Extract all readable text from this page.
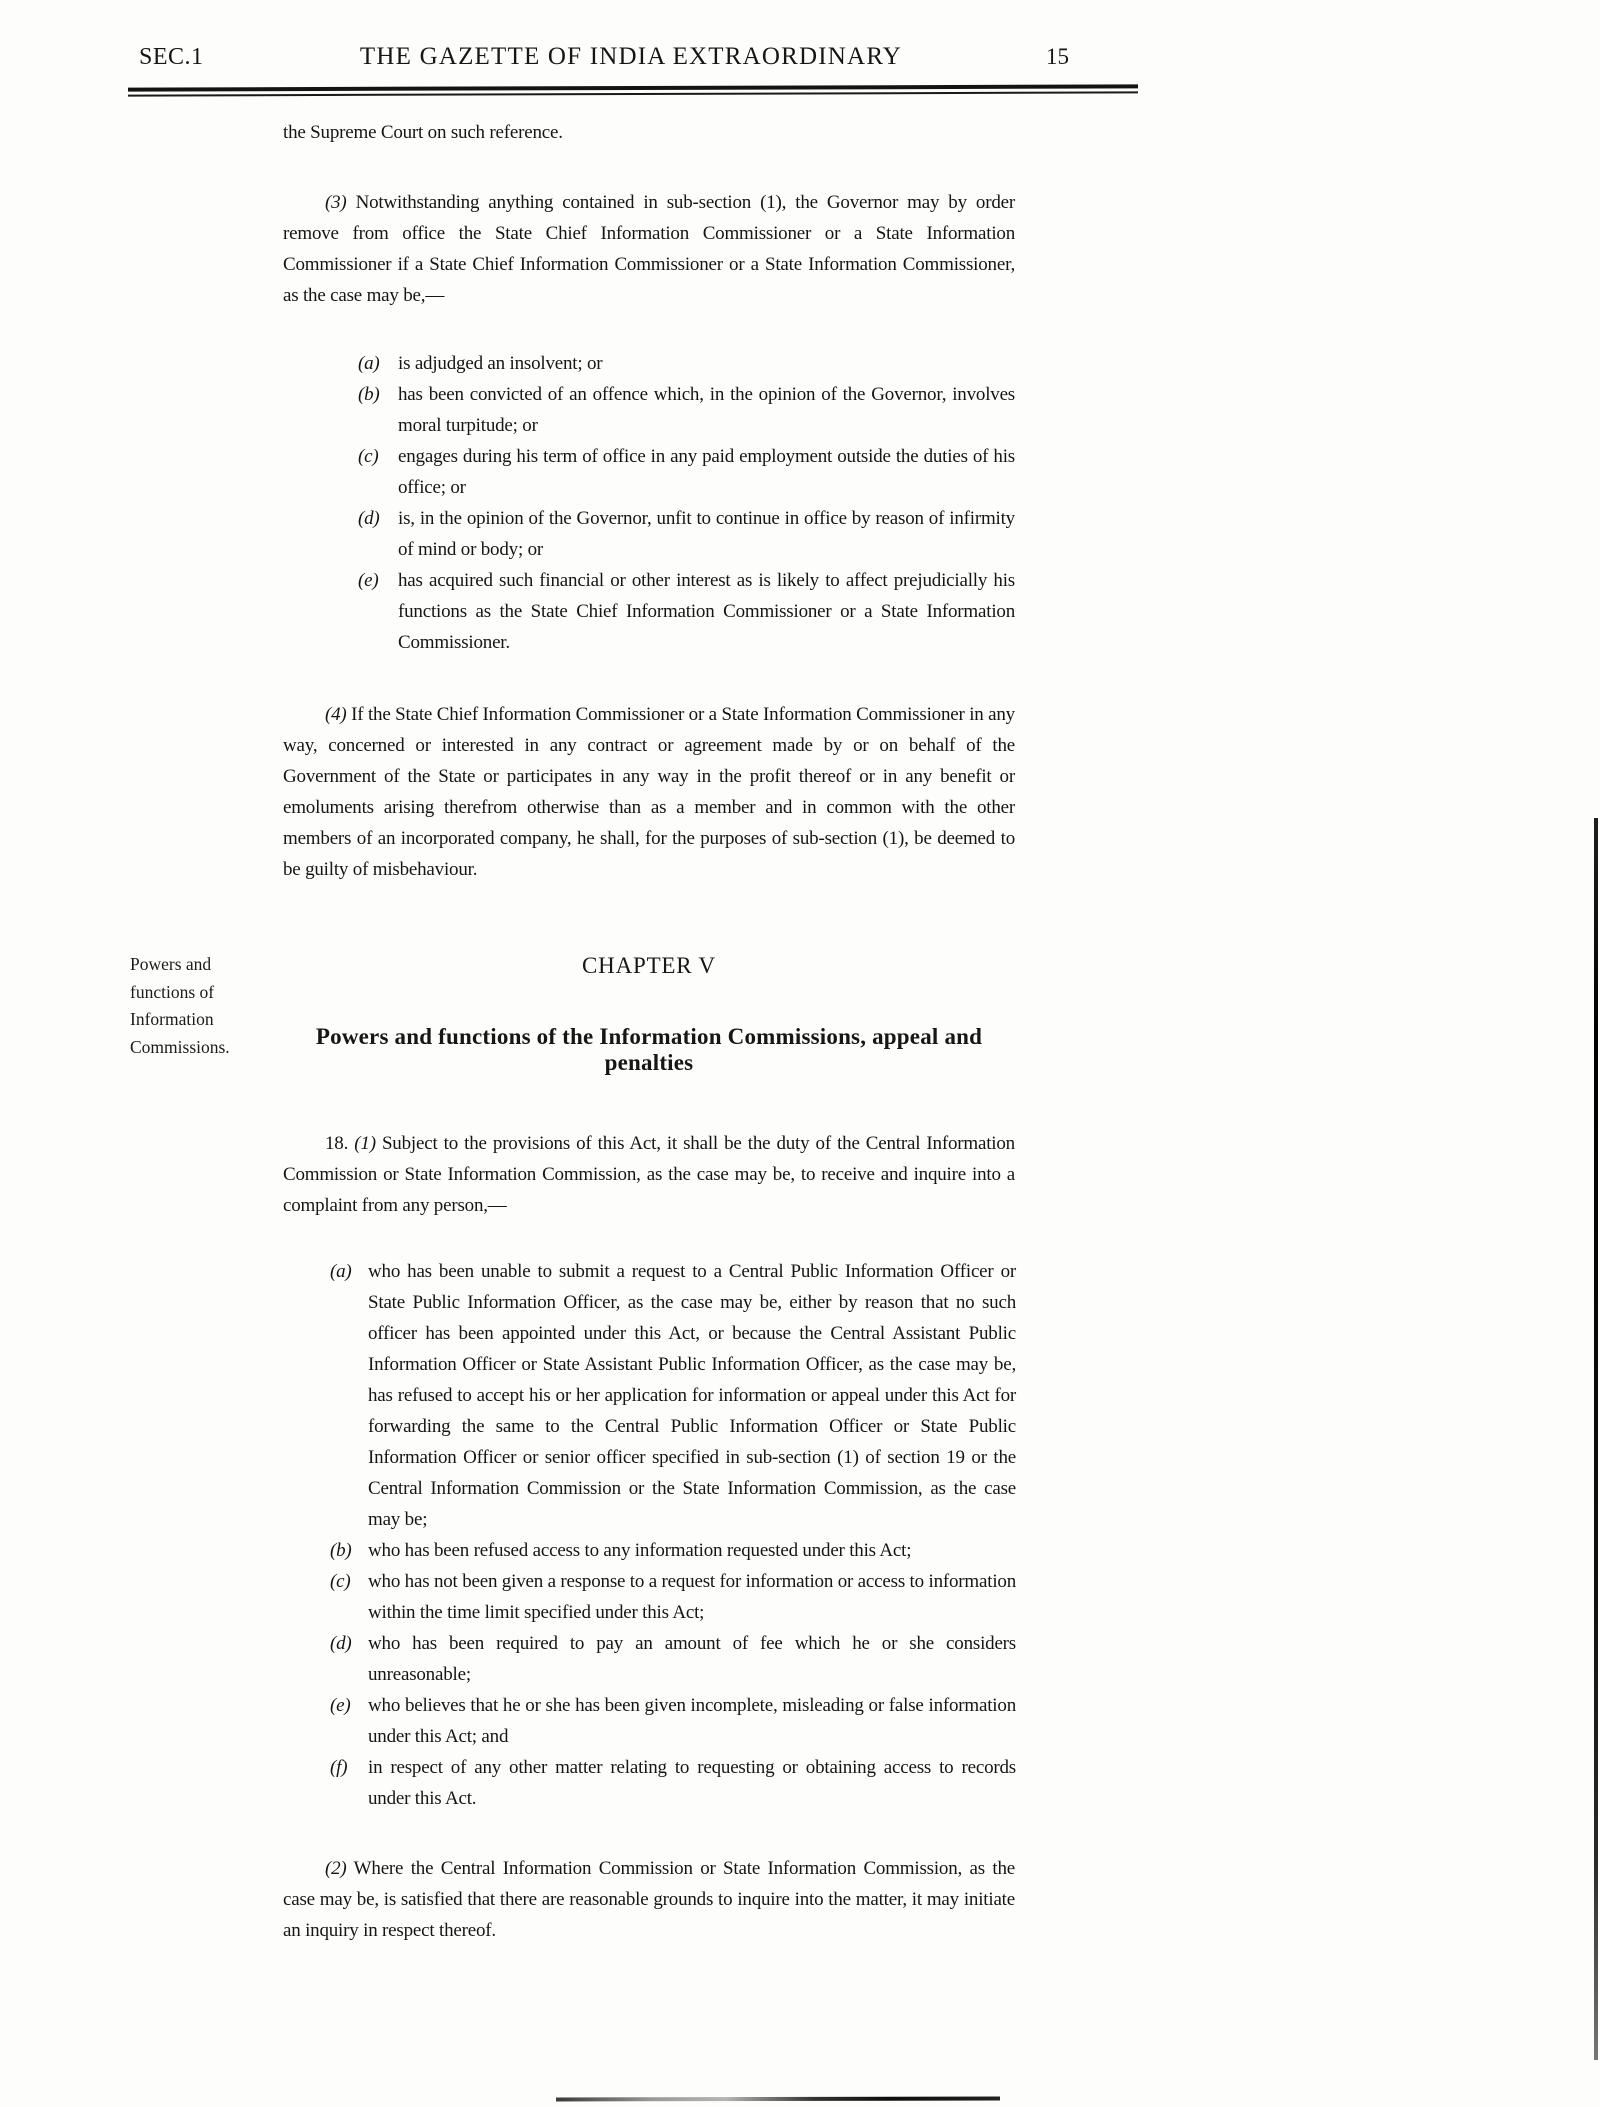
SEC.1	THE GAZETTE OF INDIA EXTRAORDINARY	15

the Supreme Court on such reference.

(3) Notwithstanding anything contained in sub-section (1), the Governor may by order remove from office the State Chief Information Commissioner or a State Information Commissioner if a State Chief Information Commissioner or a State Information Commissioner, as the case may be,—

(a) is adjudged an insolvent; or
(b) has been convicted of an offence which, in the opinion of the Governor, involves moral turpitude; or
(c)	engages during his term of office in any paid employment outside the duties of his office; or
(d) is, in the opinion of the Governor, unfit to continue in office by reason of infirmity of mind or body; or
(e)	has acquired such financial or other interest as is likely to affect prejudicially his functions as the State Chief Information Commissioner or a State Information Commissioner.

(4) If the State Chief Information Commissioner or a State Information Commissioner in any way, concerned or interested in any contract or agreement made by or on behalf of the Government of the State or participates in any way in the profit thereof or in any benefit or emoluments arising therefrom otherwise than as a member and in common with the other members of an incorporated company, he shall, for the purposes of sub-section (1), be deemed to be guilty of misbehaviour.

Powers and functions of Information Commissions.
CHAPTER V
Powers and functions of the Information Commissions, appeal and penalties

18. (1) Subject to the provisions of this Act, it shall be the duty of the Central Information Commission or State Information Commission, as the case may be, to receive and inquire into a complaint from any person,—

(a) who has been unable to submit a request to a Central Public Information Officer or State Public Information Officer, as the case may be, either by reason that no such officer has been appointed under this Act, or because the Central Assistant Public Information Officer or State Assistant Public Information Officer, as the case may be, has refused to accept his or her application for information or appeal under this Act for forwarding the same to the Central Public Information Officer or State Public Information Officer or senior officer specified in sub-section (1) of section 19 or the Central Information Commission or the State Information Commission, as the case may be;
(b) who has been refused access to any information requested under this Act;
(c) who has not been given a response to a request for information or access to information within the time limit specified under this Act;
(d) who has been required to pay an amount of fee which he or she considers unreasonable;
(e) who believes that he or she has been given incomplete, misleading or false information under this Act; and
(f)	in respect of any other matter relating to requesting or obtaining access to records under this Act.

(2) Where the Central Information Commission or State Information Commission, as the case may be, is satisfied that there are reasonable grounds to inquire into the matter, it may initiate an inquiry in respect thereof.
